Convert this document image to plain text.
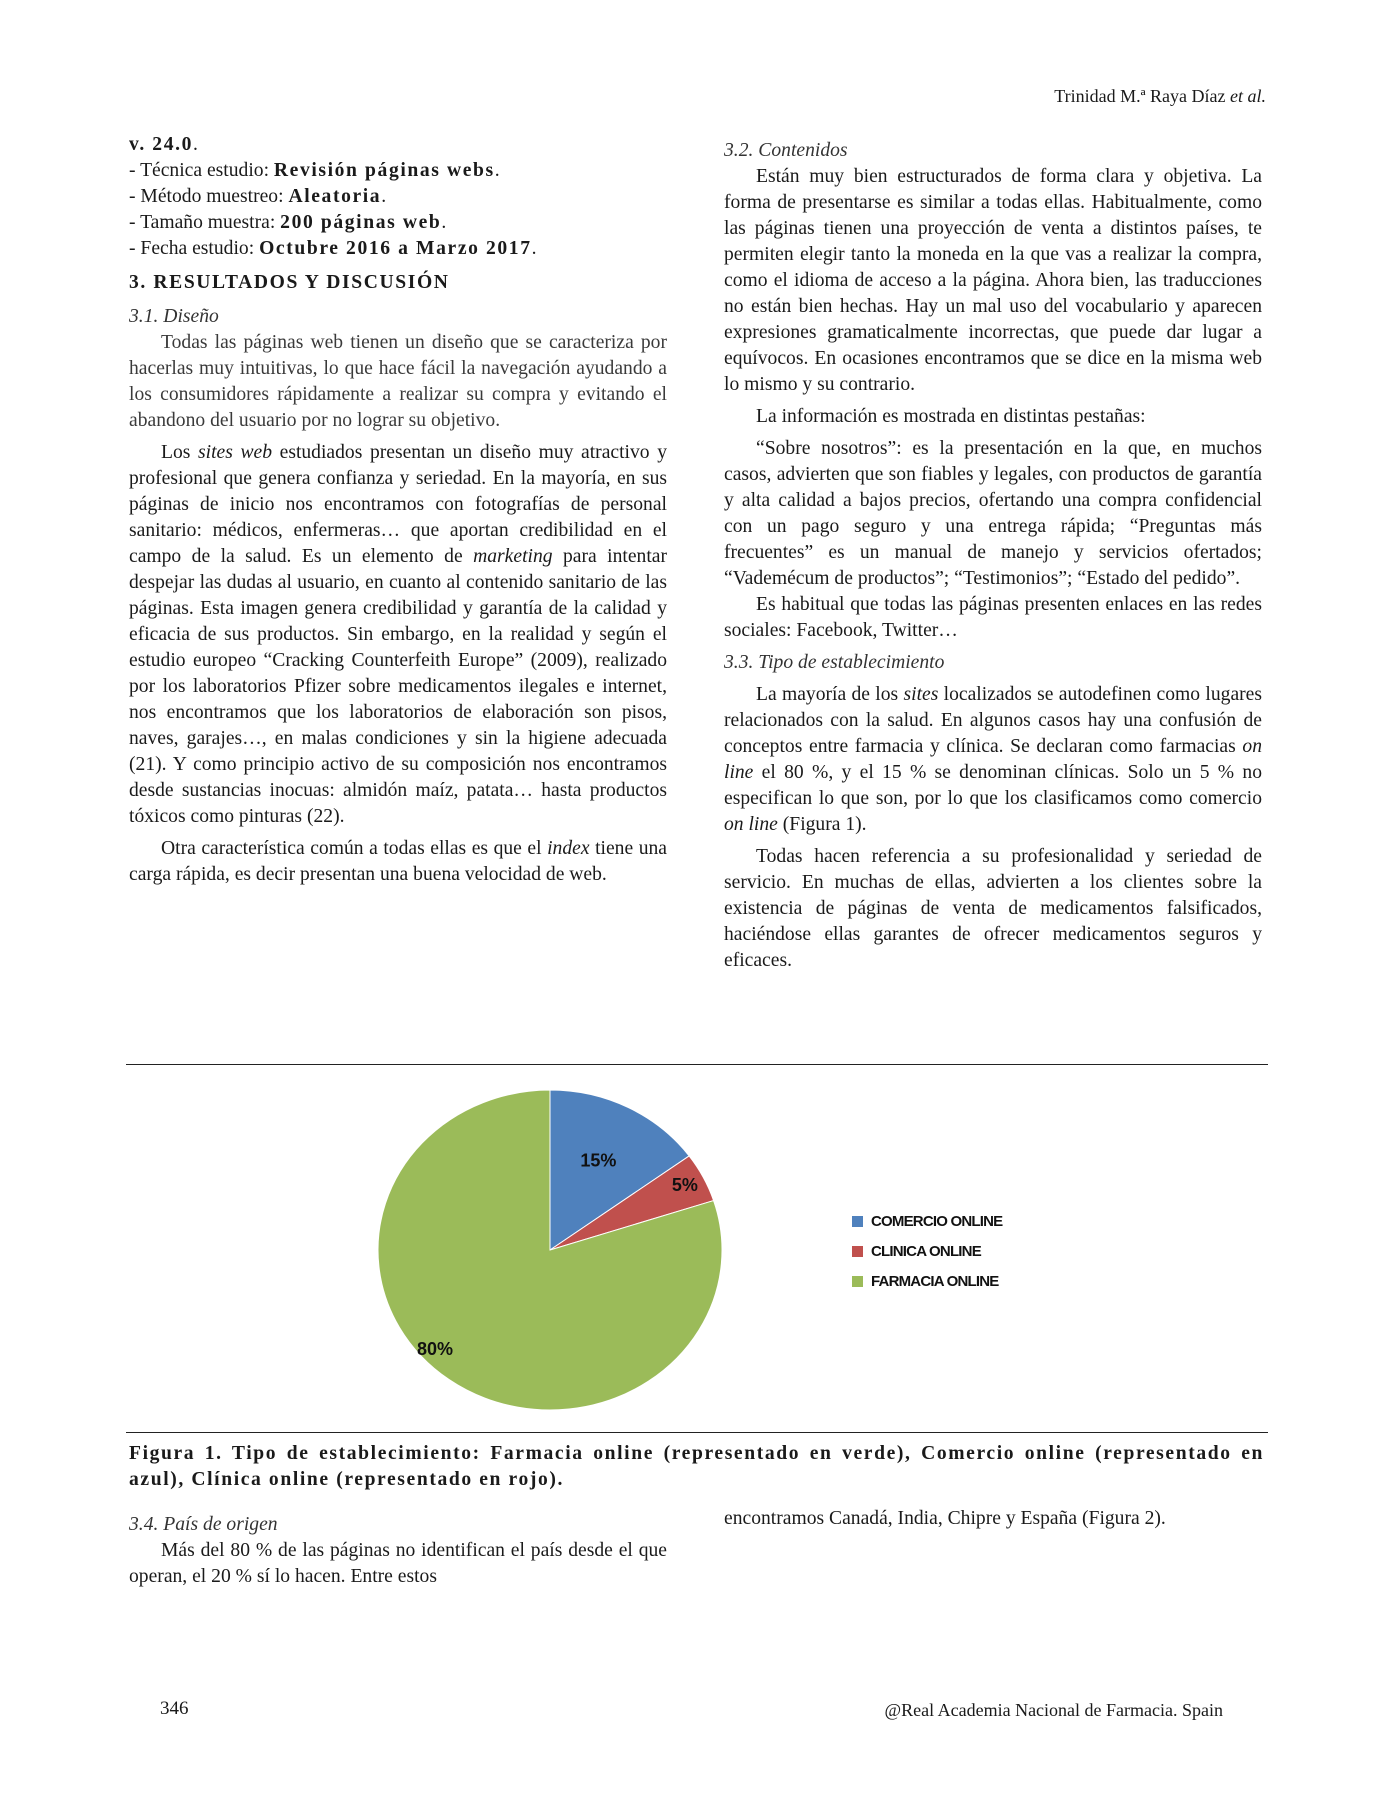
Trinidad M.ª Raya Díaz et al.

v. 24.0.

- Técnica estudio: Revisión páginas webs.

- Método muestreo: Aleatoria.

- Tamaño muestra: 200 páginas web.

- Fecha estudio: Octubre 2016 a Marzo 2017.

3. RESULTADOS Y DISCUSIÓN

3.1. Diseño

Todas las páginas web tienen un diseño que se caracteriza por hacerlas muy intuitivas, lo que hace fácil la navegación ayudando a los consumidores rápidamente a realizar su compra y evitando el abandono del usuario por no lograr su objetivo.

Los sites web estudiados presentan un diseño muy atractivo y profesional que genera confianza y seriedad. En la mayoría, en sus páginas de inicio nos encontramos con fotografías de personal sanitario: médicos, enfermeras… que aportan credibilidad en el campo de la salud. Es un elemento de marketing para intentar despejar las dudas al usuario, en cuanto al contenido sanitario de las páginas. Esta imagen genera credibilidad y garantía de la calidad y eficacia de sus productos. Sin embargo, en la realidad y según el estudio europeo “Cracking Counterfeith Europe” (2009), realizado por los laboratorios Pfizer sobre medicamentos ilegales e internet, nos encontramos que los laboratorios de elaboración son pisos, naves, garajes…, en malas condiciones y sin la higiene adecuada (21). Y como principio activo de su composición nos encontramos desde sustancias inocuas: almidón maíz, patata… hasta productos tóxicos como pinturas (22).

Otra característica común a todas ellas es que el index tiene una carga rápida, es decir presentan una buena velocidad de web.

3.2. Contenidos

Están muy bien estructurados de forma clara y objetiva. La forma de presentarse es similar a todas ellas. Habitualmente, como las páginas tienen una proyección de venta a distintos países, te permiten elegir tanto la moneda en la que vas a realizar la compra, como el idioma de acceso a la página. Ahora bien, las traducciones no están bien hechas. Hay un mal uso del vocabulario y aparecen expresiones gramaticalmente incorrectas, que puede dar lugar a equívocos. En ocasiones encontramos que se dice en la misma web lo mismo y su contrario.

La información es mostrada en distintas pestañas:

“Sobre nosotros”: es la presentación en la que, en muchos casos, advierten que son fiables y legales, con productos de garantía y alta calidad a bajos precios, ofertando una compra confidencial con un pago seguro y una entrega rápida; “Preguntas más frecuentes” es un manual de manejo y servicios ofertados; “Vademécum de productos”; “Testimonios”; “Estado del pedido”.

Es habitual que todas las páginas presenten enlaces en las redes sociales: Facebook, Twitter…

3.3. Tipo de establecimiento

La mayoría de los sites localizados se autodefinen como lugares relacionados con la salud. En algunos casos hay una confusión de conceptos entre farmacia y clínica. Se declaran como farmacias on line el 80 %, y el 15 % se denominan clínicas. Solo un 5 % no especifican lo que son, por lo que los clasificamos como comercio on line (Figura 1).

Todas hacen referencia a su profesionalidad y seriedad de servicio. En muchas de ellas, advierten a los clientes sobre la existencia de páginas de venta de medicamentos falsificados, haciéndose ellas garantes de ofrecer medicamentos seguros y eficaces.

15%
5%
80%
COMERCIO ONLINE
CLINICA ONLINE
FARMACIA ONLINE
Figura 1. Tipo de establecimiento: Farmacia online (representado en verde), Comercio online (representado en azul), Clínica online (representado en rojo).

3.4. País de origen

Más del 80 % de las páginas no identifican el país desde el que operan, el 20 % sí lo hacen. Entre estos

encontramos Canadá, India, Chipre y España (Figura 2).

346	@Real Academia Nacional de Farmacia. Spain
